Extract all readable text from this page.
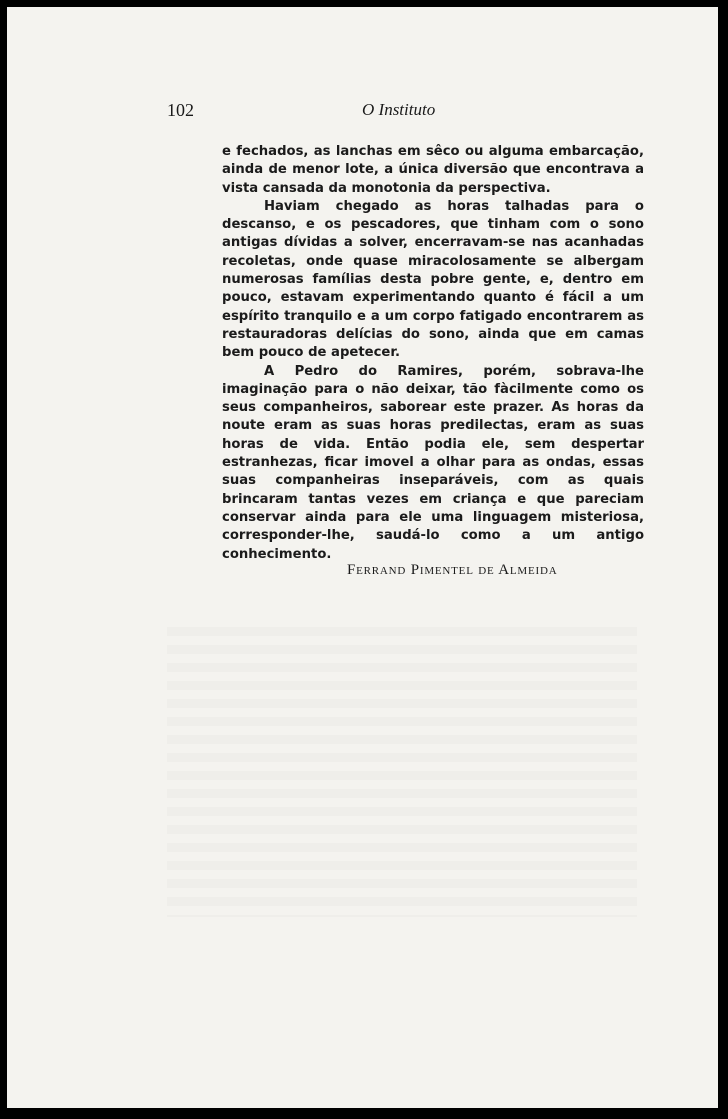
102	O Instituto

e fechados, as lanchas em sêco ou alguma embarcação, ainda de menor lote, a única diversão que encontrava a vista cansada da monotonia da perspectiva.

Haviam chegado as horas talhadas para o descanso, e os pescadores, que tinham com o sono antigas dívidas a solver, encerravam-se nas acanhadas recoletas, onde quase miracolosamente se albergam numerosas famílias desta pobre gente, e, dentro em pouco, estavam experimentando quanto é fácil a um espírito tranquilo e a um corpo fatigado encontrarem as restauradoras delícias do sono, ainda que em camas bem pouco de apetecer.

A Pedro do Ramires, porém, sobrava-lhe imaginação para o não deixar, tão fàcilmente como os seus companheiros, saborear este prazer. As horas da noute eram as suas horas predilectas, eram as suas horas de vida. Então podia ele, sem despertar estranhezas, ficar imovel a olhar para as ondas, essas suas companheiras inseparáveis, com as quais brincaram tantas vezes em criança e que pareciam conservar ainda para ele uma linguagem misteriosa, corresponder-lhe, saudá-lo como a um antigo conhecimento.

Ferrand Pimentel de Almeida
